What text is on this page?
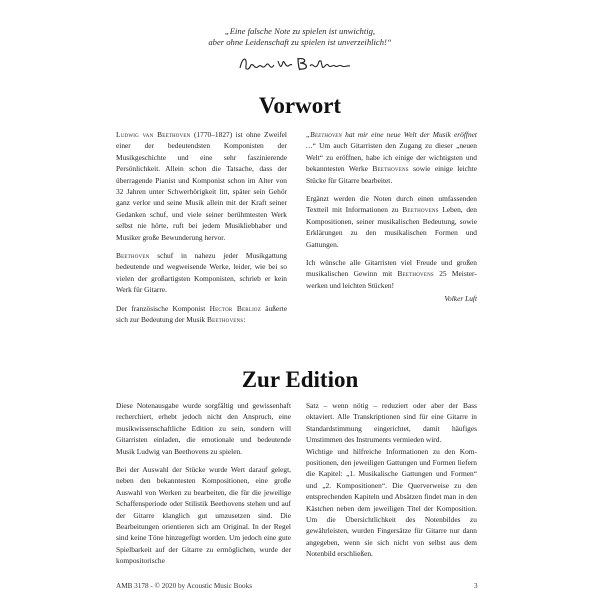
„Eine falsche Note zu spielen ist unwichtig,
aber ohne Leidenschaft zu spielen ist unverzeihlich!“
Vorwort

Ludwig van Beethoven (1770–1827) ist ohne Zweifel einer der bedeutendsten Komponisten der Musikgeschichte und eine sehr faszinierende Persönlichkeit. Allein schon die Tatsache, dass der überragende Pianist und Komponist schon im Alter von 32 Jahren unter Schwerhörigkeit litt, später sein Gehör ganz verlor und seine Musik allein mit der Kraft seiner Gedanken schuf, und viele seiner berühmtesten Werk selbst nie hörte, ruft bei jedem Musikliebhaber und Musiker große Bewunderung hervor.

Beethoven schuf in nahezu jeder Musikgattung bedeutende und wegweisende Werke, leider, wie bei so vielen der großartigsten Komponisten, schrieb er kein Werk für Gitarre.

Der französische Komponist Hector Berlioz äußerte sich zur Bedeutung der Musik Beethovens:

„Beethoven hat mir eine neue Welt der Musik eröffnet …“ Um auch Gitarristen den Zugang zu dieser „neuen Welt“ zu eröffnen, habe ich einige der wichtigsten und bekanntesten Werke Beethovens sowie einige leichte Stücke für Gitarre bearbeitet.

Ergänzt werden die Noten durch einen umfassenden Textteil mit Informationen zu Beethovens Leben, den Kompositionen, seiner musikalischen Bedeutung, sowie Erklärungen zu den musikalischen Formen und Gattungen.

Ich wünsche alle Gitarristen viel Freude und großen musikalischen Gewinn mit Beethovens 25 Meisterwerken und leichten Stücken!

Volker Luft

Zur Edition

Diese Notenausgabe wurde sorgfältig und gewissenhaft recherchiert, erhebt jedoch nicht den Anspruch, eine musikwissenschaftliche Edition zu sein, sondern will Gitarristen einladen, die emotionale und bedeutende Musik Ludwig van Beethovens zu spielen.

Bei der Auswahl der Stücke wurde Wert darauf gelegt, neben den bekanntesten Kompositionen, eine große Auswahl von Werken zu bearbeiten, die für die jeweilige Schaffensperiode oder Stilistik Beethovens stehen und auf der Gitarre klanglich gut umzusetzen sind. Die Bearbeitungen orientieren sich am Original. In der Regel sind keine Töne hinzugefügt worden. Um jedoch eine gute Spielbarkeit auf der Gitarre zu ermöglichen, wurde der kompositorische

Satz – wenn nötig – reduziert oder aber der Bass oktaviert. Alle Transkriptionen sind für eine Gitarre in Standardstimmung eingerichtet, damit häufiges Umstimmen des Instruments vermieden wird.

Wichtige und hilfreiche Informationen zu den Kompositionen, den jeweiligen Gattungen und Formen liefern die Kapitel: „1. Musikalische Gattungen und Formen“ und „2. Kompositionen“. Die Querverweise zu den entsprechenden Kapiteln und Absätzen findet man in den Kästchen neben dem jeweiligen Titel der Komposition. Um die Übersichtlichkeit des Notenbildes zu gewährleisten, wurden Fingersätze für Gitarre nur dann angegeben, wenn sie sich nicht von selbst aus dem Notenbild erschließen.

AMB 3178 - © 2020 by Acoustic Music Books	3
